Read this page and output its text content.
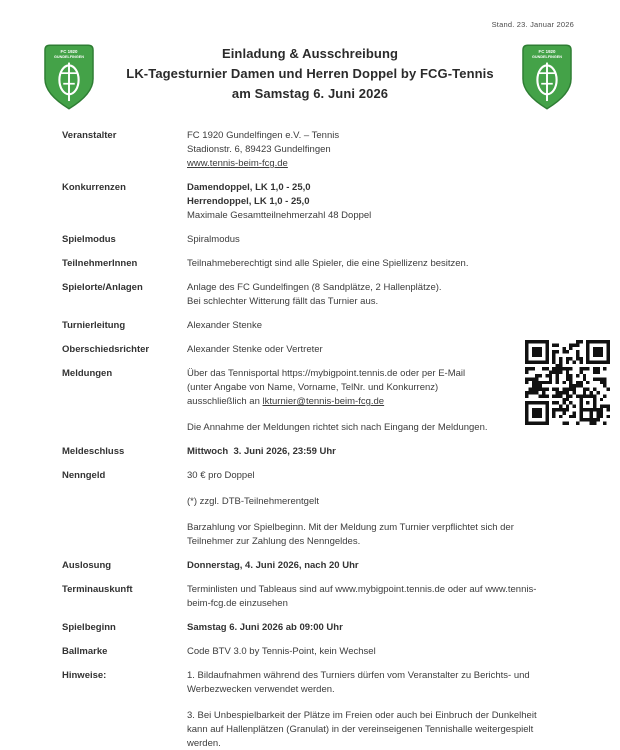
Stand. 23. Januar 2026
FC 1920
GUNDELFINGEN
FC 1920
GUNDELFINGEN
Einladung & Ausschreibung
LK-Tagesturnier Damen und Herren Doppel by FCG-Tennis
am Samstag 6. Juni 2026
Veranstalter	FC 1920 Gundelfingen e.V. – Tennis
Stadionstr. 6, 89423 Gundelfingen
www.tennis-beim-fcg.de
Konkurrenzen	Damendoppel, LK 1,0 - 25,0
Herrendoppel, LK 1,0 - 25,0
Maximale Gesamtteilnehmerzahl 48 Doppel
Spielmodus	Spiralmodus
TeilnehmerInnen	Teilnahmeberechtigt sind alle Spieler, die eine Spiellizenz besitzen.
Spielorte/Anlagen	Anlage des FC Gundelfingen (8 Sandplätze, 2 Hallenplätze).
Bei schlechter Witterung fällt das Turnier aus.
Turnierleitung	Alexander Stenke
Oberschiedsrichter	Alexander Stenke oder Vertreter
Meldungen	Über das Tennisportal https://mybigpoint.tennis.de oder per E-Mail
(unter Angabe von Name, Vorname, TelNr. und Konkurrenz)
ausschließlich an lkturnier@tennis-beim-fcg.de
Die Annahme der Meldungen richtet sich nach Eingang der Meldungen.
Meldeschluss	Mittwoch  3. Juni 2026, 23:59 Uhr
Nenngeld	30 € pro Doppel
(*) zzgl. DTB-Teilnehmerentgelt
Barzahlung vor Spielbeginn. Mit der Meldung zum Turnier verpflichtet sich der
Teilnehmer zur Zahlung des Nenngeldes.
Auslosung	Donnerstag, 4. Juni 2026, nach 20 Uhr
Terminauskunft	Terminlisten und Tableaus sind auf www.mybigpoint.tennis.de oder auf www.tennis-
beim-fcg.de einzusehen
Spielbeginn	Samstag 6. Juni 2026 ab 09:00 Uhr
Ballmarke	Code BTV 3.0 by Tennis-Point, kein Wechsel
Hinweise:	1. Bildaufnahmen während des Turniers dürfen vom Veranstalter zu Berichts- und
Werbezwecken verwendet werden.
3. Bei Unbespielbarkeit der Plätze im Freien oder auch bei Einbruch der Dunkelheit
kann auf Hallenplätzen (Granulat) in der vereinseigenen Tennishalle weitergespielt
werden.
